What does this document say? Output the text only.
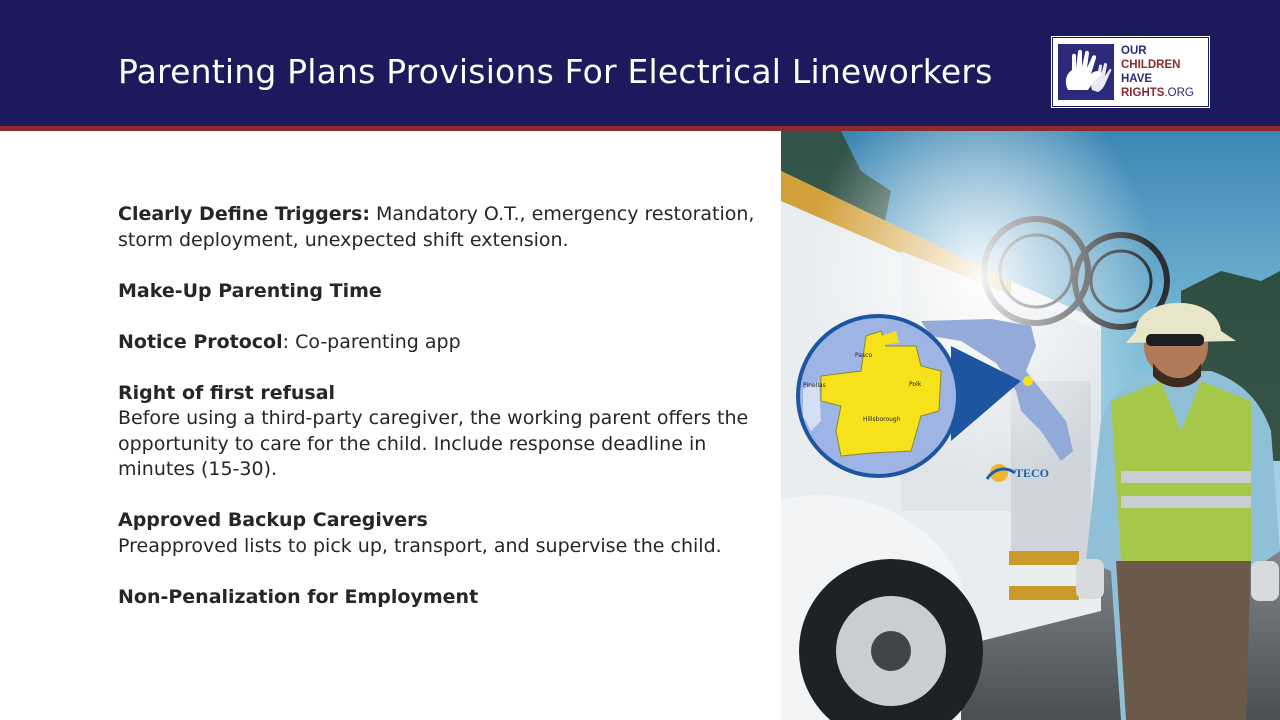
Parenting Plans Provisions For Electrical Lineworkers
OUR
CHILDREN
HAVE
RIGHTS.ORG
Clearly Define Triggers: Mandatory O.T., emergency restoration, storm deployment, unexpected shift extension.
Make-Up Parenting Time
Notice Protocol: Co-parenting app
Right of first refusal
Before using a third-party caregiver, the working parent offers the opportunity to care for the child. Include response deadline in minutes (15-30).
Approved Backup Caregivers
Preapproved lists to pick up, transport, and supervise the child.
Non-Penalization for Employment
TECO
Pasco
Pinellas
Hillsborough
Polk
